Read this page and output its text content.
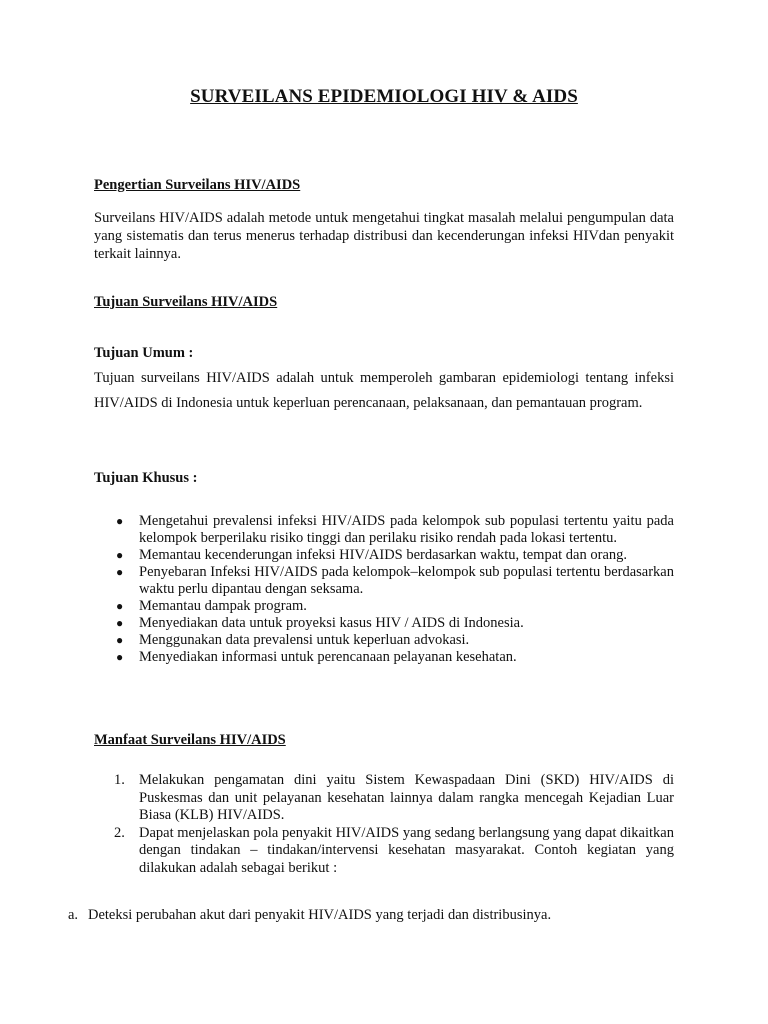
SURVEILANS EPIDEMIOLOGI HIV & AIDS
Pengertian Surveilans HIV/AIDS
Surveilans HIV/AIDS adalah metode untuk mengetahui tingkat masalah melalui pengumpulan data yang sistematis dan terus menerus terhadap distribusi dan kecenderungan infeksi HIVdan penyakit terkait lainnya.
Tujuan Surveilans HIV/AIDS
Tujuan Umum :
Tujuan surveilans HIV/AIDS adalah untuk memperoleh gambaran epidemiologi tentang infeksi HIV/AIDS di Indonesia untuk keperluan perencanaan, pelaksanaan, dan pemantauan program.
Tujuan Khusus :
● Mengetahui prevalensi infeksi HIV/AIDS pada kelompok sub populasi tertentu yaitu pada kelompok berperilaku risiko tinggi dan perilaku risiko rendah pada lokasi tertentu.
● Memantau kecenderungan infeksi HIV/AIDS berdasarkan waktu, tempat dan orang.
● Penyebaran Infeksi HIV/AIDS pada kelompok–kelompok sub populasi tertentu berdasarkan waktu perlu dipantau dengan seksama.
● Memantau dampak program.
● Menyediakan data untuk proyeksi kasus HIV / AIDS di Indonesia.
● Menggunakan data prevalensi untuk keperluan advokasi.
● Menyediakan informasi untuk perencanaan pelayanan kesehatan.
Manfaat Surveilans HIV/AIDS
1. Melakukan pengamatan dini yaitu Sistem Kewaspadaan Dini (SKD) HIV/AIDS di Puskesmas dan unit pelayanan kesehatan lainnya dalam rangka mencegah Kejadian Luar Biasa (KLB) HIV/AIDS.
2. Dapat menjelaskan pola penyakit HIV/AIDS yang sedang berlangsung yang dapat dikaitkan dengan tindakan – tindakan/intervensi kesehatan masyarakat. Contoh kegiatan yang dilakukan adalah sebagai berikut :
a. Deteksi perubahan akut dari penyakit HIV/AIDS yang terjadi dan distribusinya.
